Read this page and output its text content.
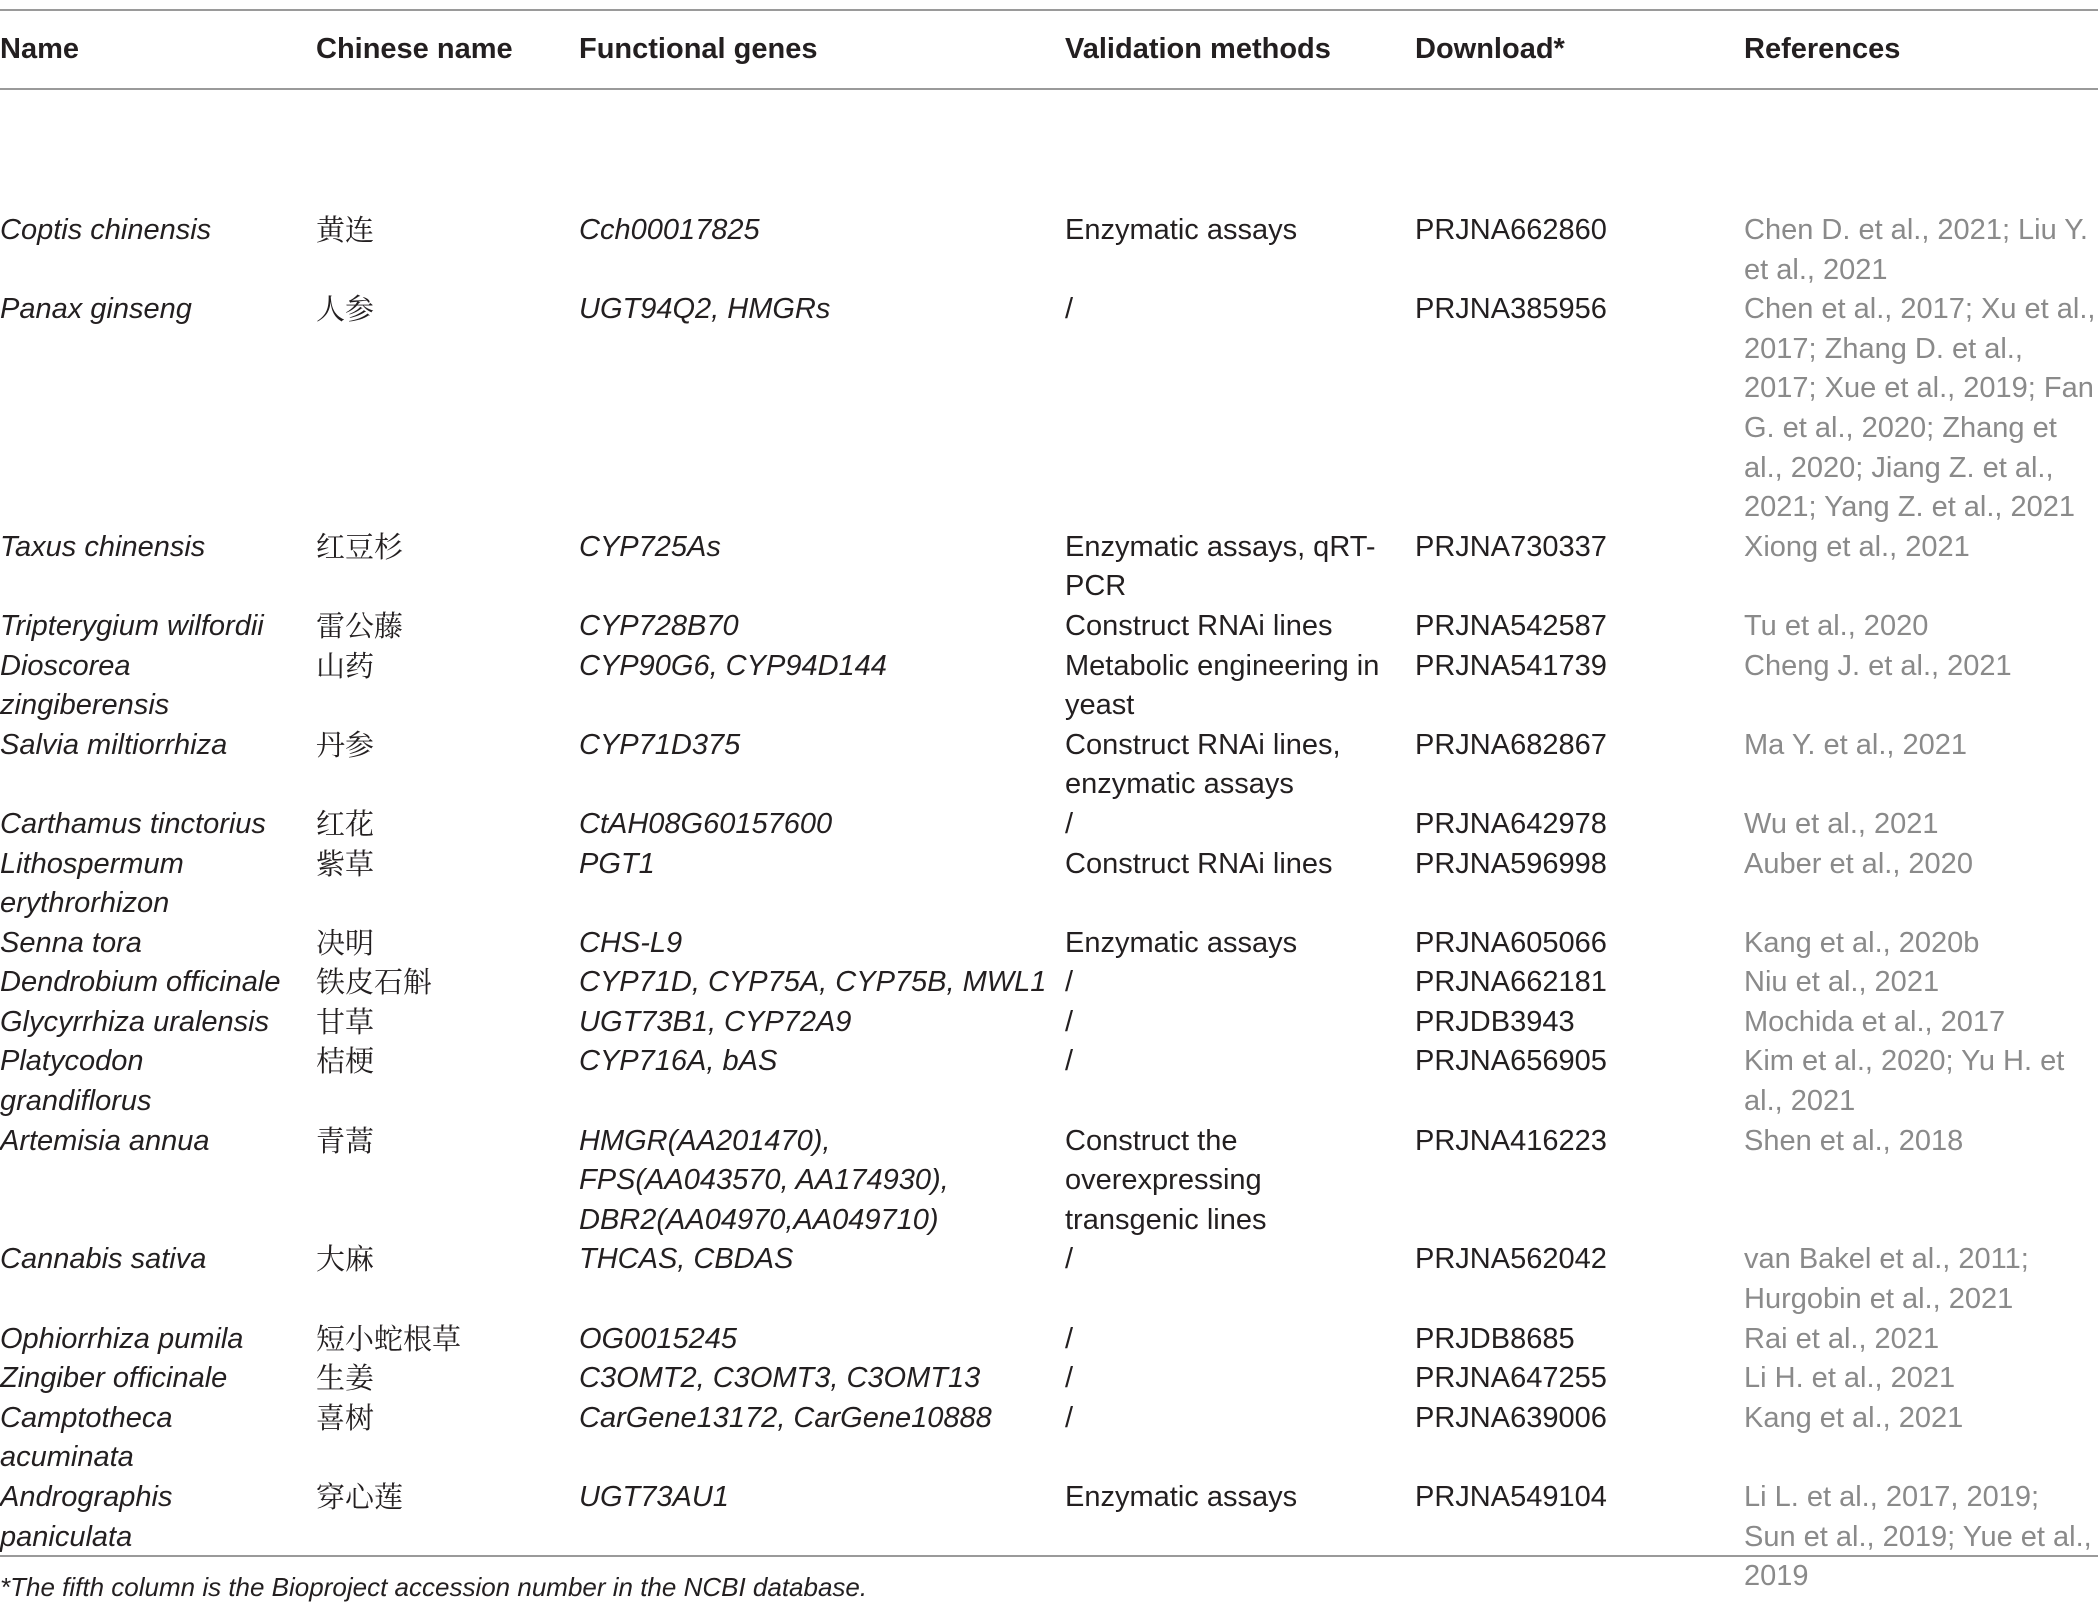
Name	Chinese name	Functional genes	Validation methods	Download*	References
Coptis chinensis	黄连	Cch00017825	Enzymatic assays	PRJNA662860	Chen D. et al., 2021; Liu Y. et al., 2021
Panax ginseng	人参	UGT94Q2, HMGRs	/	PRJNA385956	Chen et al., 2017; Xu et al., 2017; Zhang D. et al., 2017; Xue et al., 2019; Fan G. et al., 2020; Zhang et al., 2020; Jiang Z. et al., 2021; Yang Z. et al., 2021
Taxus chinensis	红豆杉	CYP725As	Enzymatic assays, qRT-PCR	PRJNA730337	Xiong et al., 2021
Tripterygium wilfordii	雷公藤	CYP728B70	Construct RNAi lines	PRJNA542587	Tu et al., 2020
Dioscorea zingiberensis	山药	CYP90G6, CYP94D144	Metabolic engineering in yeast	PRJNA541739	Cheng J. et al., 2021
Salvia miltiorrhiza	丹参	CYP71D375	Construct RNAi lines, enzymatic assays	PRJNA682867	Ma Y. et al., 2021
Carthamus tinctorius	红花	CtAH08G60157600	/	PRJNA642978	Wu et al., 2021
Lithospermum erythrorhizon	紫草	PGT1	Construct RNAi lines	PRJNA596998	Auber et al., 2020
Senna tora	决明	CHS-L9	Enzymatic assays	PRJNA605066	Kang et al., 2020b
Dendrobium officinale	铁皮石斛	CYP71D, CYP75A, CYP75B, MWL1	/	PRJNA662181	Niu et al., 2021
Glycyrrhiza uralensis	甘草	UGT73B1, CYP72A9	/	PRJDB3943	Mochida et al., 2017
Platycodon grandiflorus	桔梗	CYP716A, bAS	/	PRJNA656905	Kim et al., 2020; Yu H. et al., 2021
Artemisia annua	青蒿	HMGR(AA201470), FPS(AA043570, AA174930), DBR2(AA04970,AA049710)	Construct the overexpressing transgenic lines	PRJNA416223	Shen et al., 2018
Cannabis sativa	大麻	THCAS, CBDAS	/	PRJNA562042	van Bakel et al., 2011; Hurgobin et al., 2021
Ophiorrhiza pumila	短小蛇根草	OG0015245	/	PRJDB8685	Rai et al., 2021
Zingiber officinale	生姜	C3OMT2, C3OMT3, C3OMT13	/	PRJNA647255	Li H. et al., 2021
Camptotheca acuminata	喜树	CarGene13172, CarGene10888	/	PRJNA639006	Kang et al., 2021
Andrographis paniculata	穿心莲	UGT73AU1	Enzymatic assays	PRJNA549104	Li L. et al., 2017, 2019; Sun et al., 2019; Yue et al., 2019
*The fifth column is the Bioproject accession number in the NCBI database.
